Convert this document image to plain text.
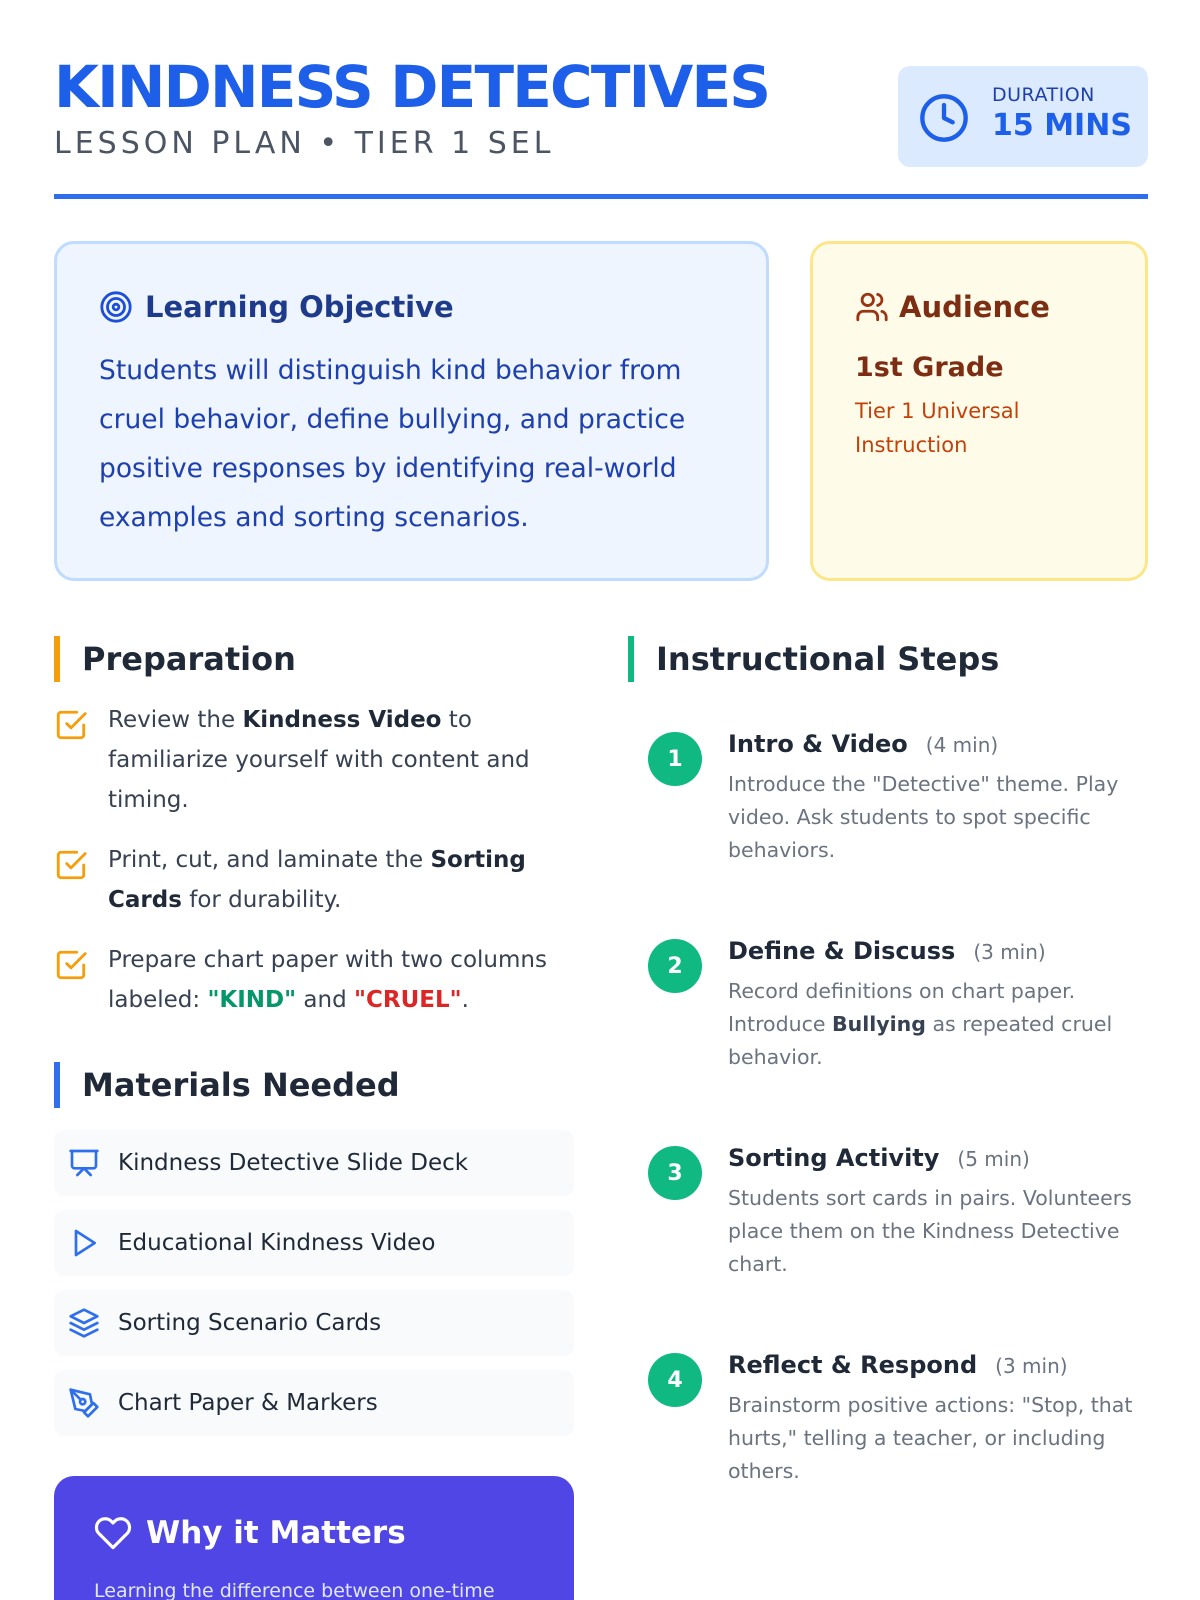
KINDNESS DETECTIVES
LESSON PLAN • TIER 1 SEL
DURATION
15 MINS
Learning Objective
Students will distinguish kind behavior from cruel behavior, define bullying, and practice positive responses by identifying real-world examples and sorting scenarios.
Audience
1st Grade
Tier 1 Universal Instruction
Preparation
Review the Kindness Video to familiarize yourself with content and timing.
Print, cut, and laminate the Sorting Cards for durability.
Prepare chart paper with two columns labeled: "KIND" and "CRUEL".
Materials Needed
Kindness Detective Slide Deck
Educational Kindness Video
Sorting Scenario Cards
Chart Paper & Markers
Why it Matters
Learning the difference between one-time
Instructional Steps
1
Intro & Video (4 min)
Introduce the "Detective" theme. Play video. Ask students to spot specific behaviors.
2
Define & Discuss (3 min)
Record definitions on chart paper. Introduce Bullying as repeated cruel behavior.
3
Sorting Activity (5 min)
Students sort cards in pairs. Volunteers place them on the Kindness Detective chart.
4
Reflect & Respond (3 min)
Brainstorm positive actions: "Stop, that hurts," telling a teacher, or including others.
